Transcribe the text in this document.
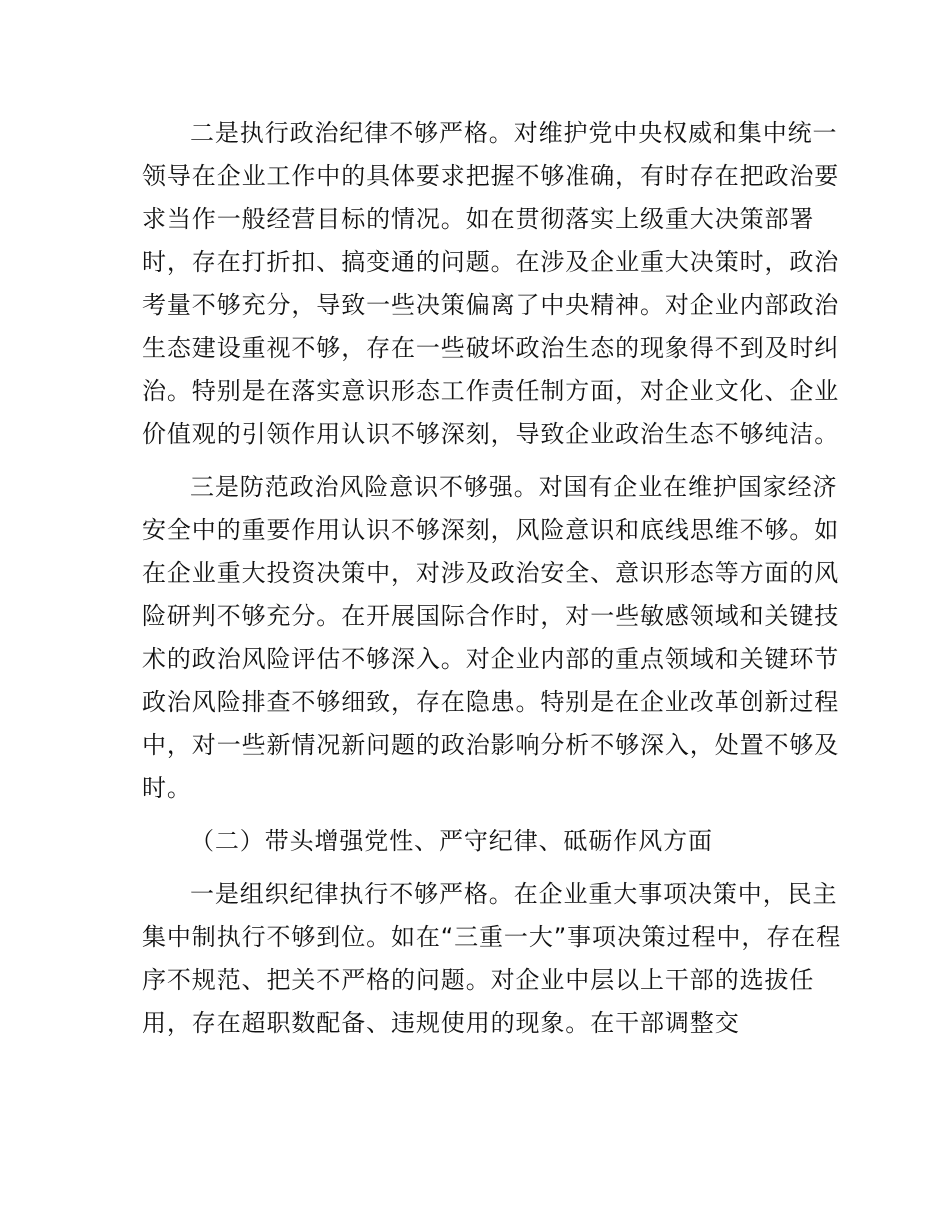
二是执行政治纪律不够严格。对维护党中央权威和集中统一领导在企业工作中的具体要求把握不够准确，有时存在把政治要求当作一般经营目标的情况。如在贯彻落实上级重大决策部署时，存在打折扣、搞变通的问题。在涉及企业重大决策时，政治考量不够充分，导致一些决策偏离了中央精神。对企业内部政治生态建设重视不够，存在一些破坏政治生态的现象得不到及时纠治。特别是在落实意识形态工作责任制方面，对企业文化、企业价值观的引领作用认识不够深刻，导致企业政治生态不够纯洁。

三是防范政治风险意识不够强。对国有企业在维护国家经济安全中的重要作用认识不够深刻，风险意识和底线思维不够。如在企业重大投资决策中，对涉及政治安全、意识形态等方面的风险研判不够充分。在开展国际合作时，对一些敏感领域和关键技术的政治风险评估不够深入。对企业内部的重点领域和关键环节政治风险排查不够细致，存在隐患。特别是在企业改革创新过程中，对一些新情况新问题的政治影响分析不够深入，处置不够及时。

（二）带头增强党性、严守纪律、砥砺作风方面

一是组织纪律执行不够严格。在企业重大事项决策中，民主集中制执行不够到位。如在“三重一大”事项决策过程中，存在程序不规范、把关不严格的问题。对企业中层以上干部的选拔任用，存在超职数配备、违规使用的现象。在干部调整交
